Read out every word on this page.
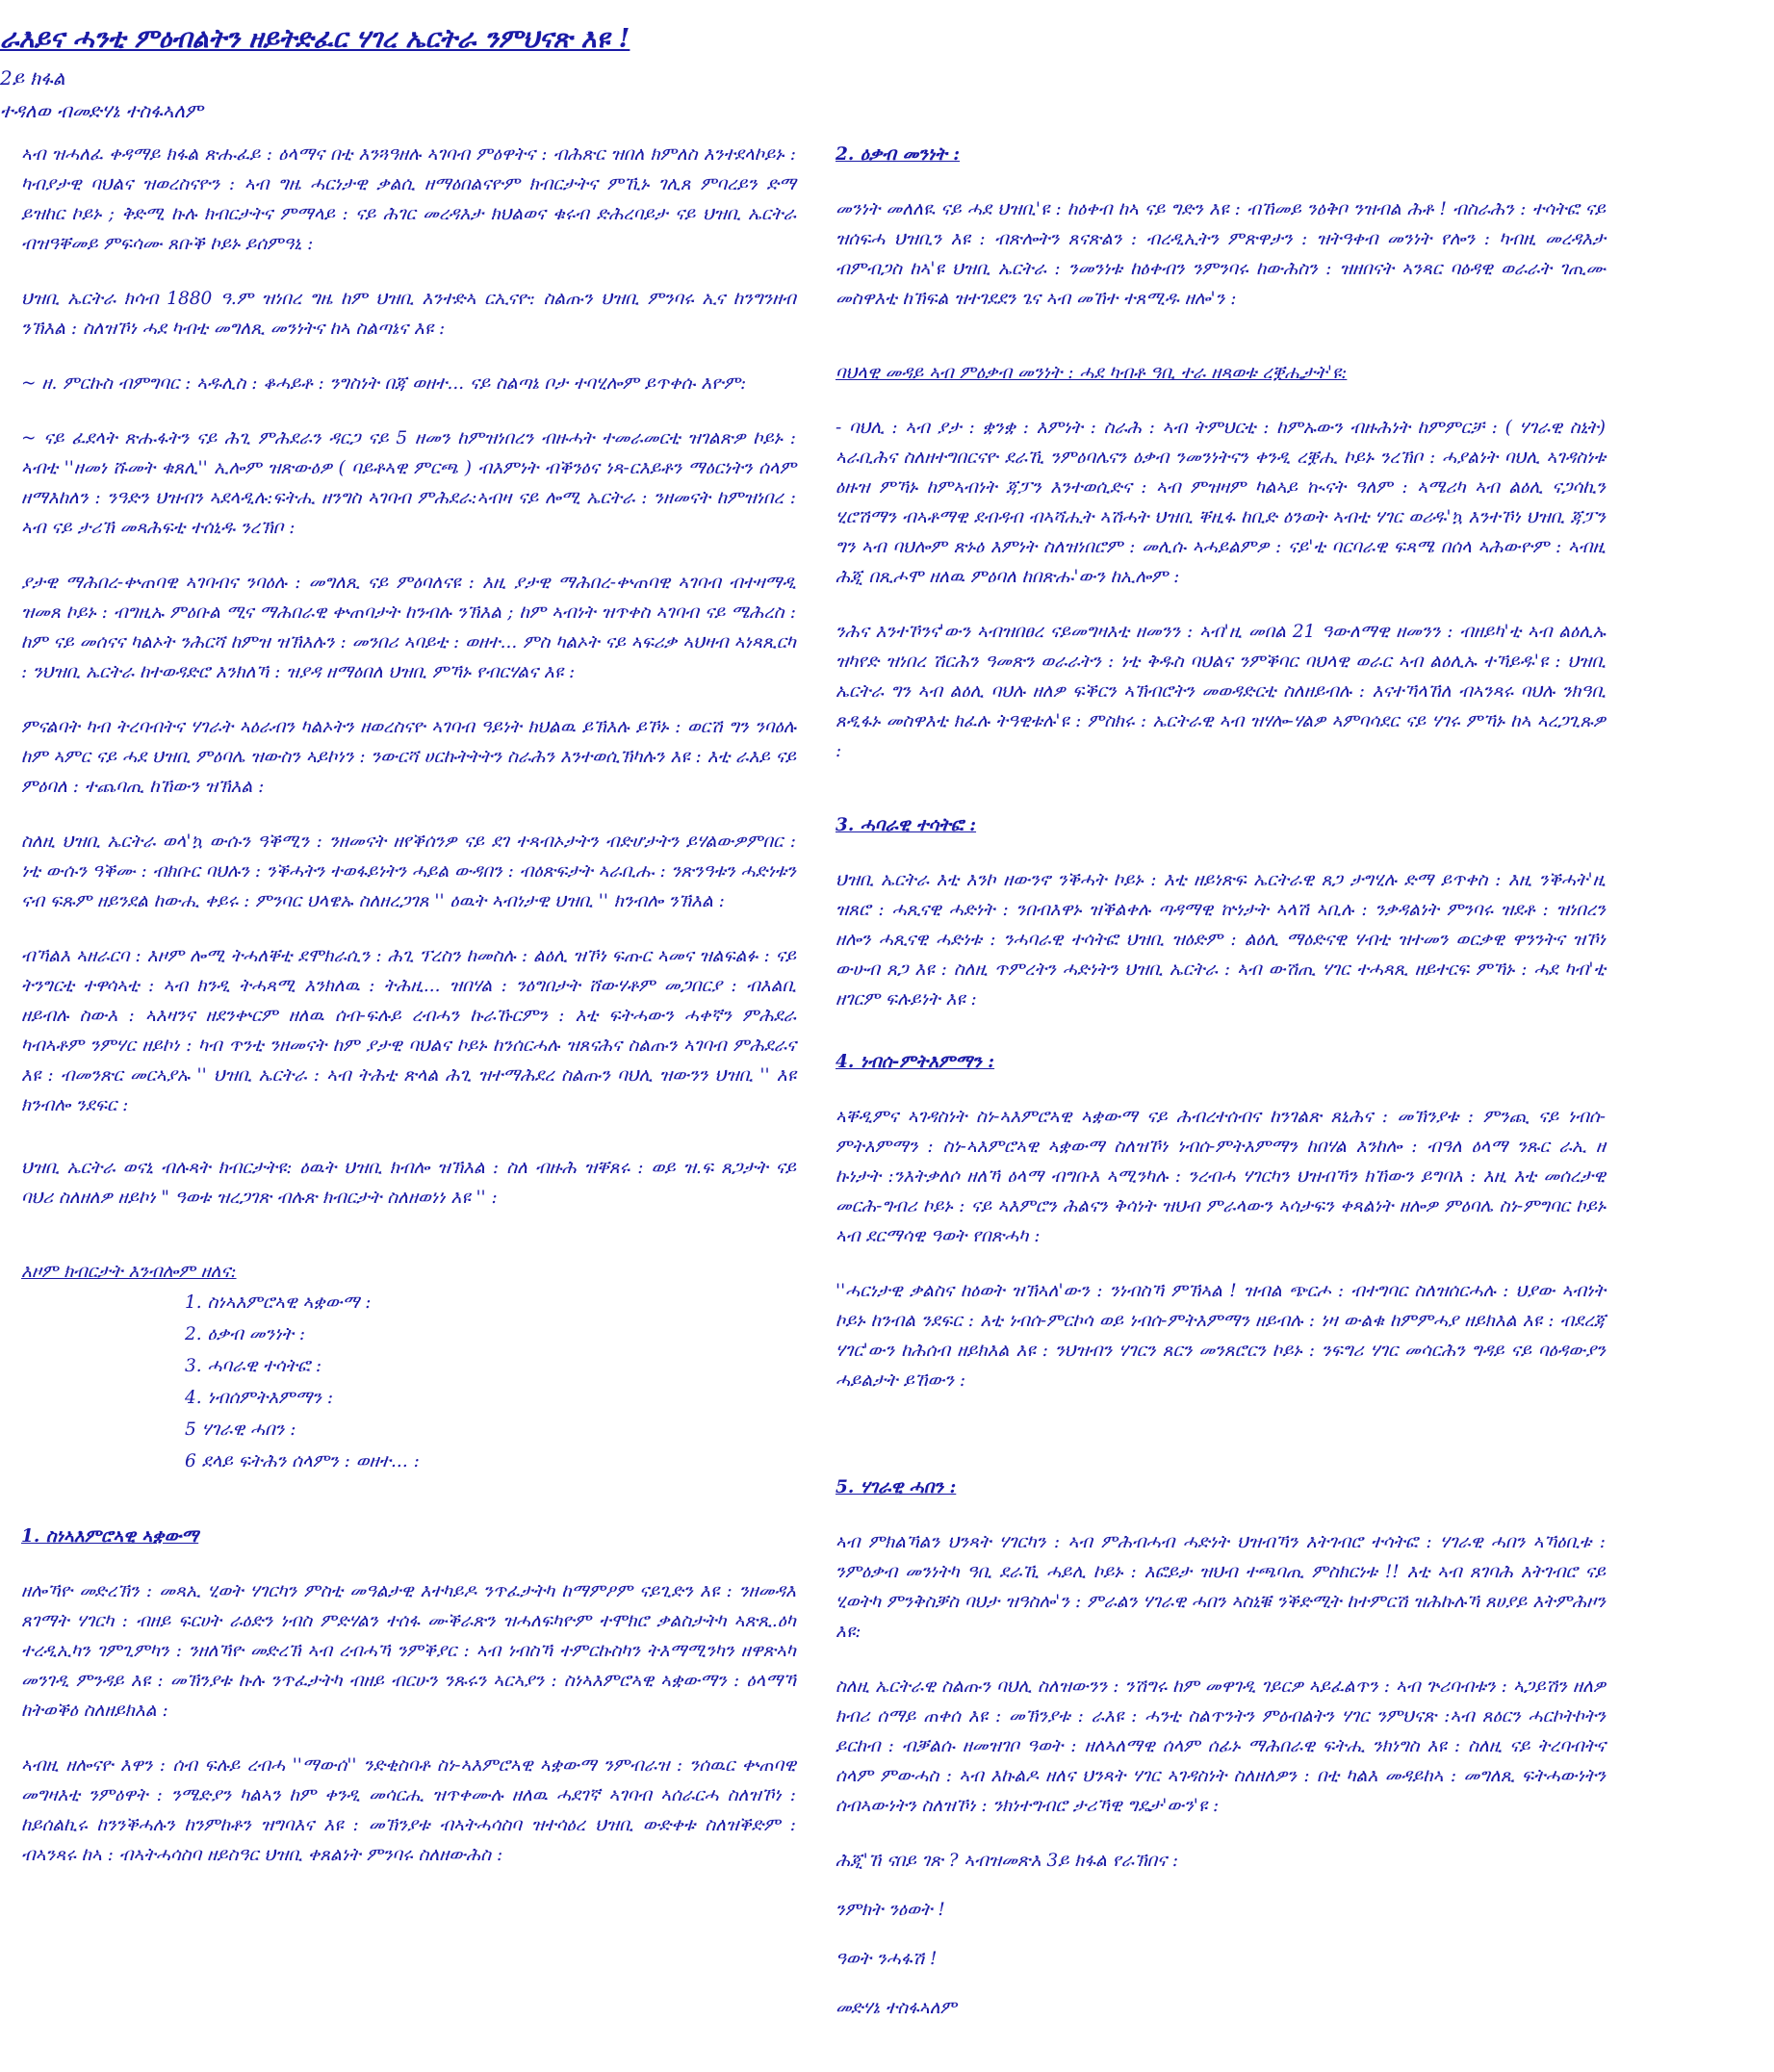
ራእይና ሓንቲ ምዕብልትን ዘይትድፈር ሃገረ ኤርትራ ንምህናጽ እዩ !

2ይ ክፋል

ተዳለወ ብመድሃኔ ተስፋኣለም

ኣብ ዝሓለፈ ቀዳማይ ክፋል ጽሑፈይ : ዕላማና በቲ እንጓዓዘሉ ኣገባብ ምዕዋትና : ብሕጽር ዝበለ ክምለስ እንተደላኮይኑ : ካብያታዊ ባህልና ዝወረስናዮን : ኣብ ግዜ ሓርነታዊ ቃልሲ ዘማዕበልናዮም ክብርታትና ምኺኑ ገሊጸ ምባረይን ድማ ይዝከር ኮይኑ ; ቅድሚ ኩሉ ክብርታትና ምማላይ : ናይ ሕገር መረዳእታ ክህልወና ቁሩብ ድሕረባይታ ናይ ህዝቢ ኤርትራ ብዝዓቐመይ ምፍሳሙ ጸቡቕ ኮይኑ ይሰምዓኒ :

ህዝቢ ኤርትራ ክሳብ 1880 ዓ.ም ዝነበረ ግዜ ከም ህዝቢ እንተድኣ ርኢናዮ: ስልጡን ህዝቢ ምንባሩ ኢና ከንግንዘብ ንኽእል : ስለዝኾነ ሓደ ካብቲ መግለጺ መንነትና ከኣ ስልጣኔና እዩ :

~ ዘ. ምርኩስ ብምግባር : ኣዱሊስ : ቆሓይቶ : ንግስነት በጃ ወዘተ... ናይ ስልጣኔ ቦታ ተባሂሎም ይጥቀሱ እዮም:

~ ናይ ፈደላት ጽሑፋትን ናይ ሕጊ ምሕደራን ዳርጋ ናይ 5 ዘመን ከምዝነበረን ብዙሓት ተመራመርቲ ዝገልጽዎ ኮይኑ : ኣብቲ ''ዘመነ ሹመት ቁጸሊ'' ኢሎም ዝጽውዕዎ ( ባይቶኣዊ ምርጫ ) ብእምነት ብቕንዕና ነጻ-ርእይቶን ማዕርነትን ሰላም ዘማእከለን : ንዓድን ህዝብን ኣደላዲሉ:ፍትሒ ዘንግስ ኣገባብ ምሕደራ:ኣብዛ ናይ ሎሚ ኤርትራ : ንዘመናት ከምዝነበረ : ኣብ ናይ ታሪኽ መጻሕፍቲ ተሰኒዱ ንረኽቦ :

ያታዊ ማሕበረ-ቍጠባዊ ኣገባብና ንባዕሉ : መግለጺ ናይ ምዕባለናዩ : እዚ ያታዊ ማሕበረ-ቍጠባዊ ኣገባብ ብተዛማዲ ዝመጸ ኮይኑ : ብግዚኡ ምዕቡል ሚና ማሕበራዊ ቍጠባታት ከንብሉ ንኽእል ; ከም ኣብነት ዝጥቀስ ኣገባብ ናይ ሜሕረስ : ከም ናይ መሰናና ካልኦት ንሕርሻ ከምዝ ዝኽእሉን : መንበሪ ኣባይቲ : ወዘተ... ምስ ካልኦት ናይ ኣፍሪቃ ኣህዛብ ኣነጻጺርካ : ንህዝቢ ኤርትራ ከተወዳድሮ እንክለኻ : ዝያዳ ዘማዕበለ ህዝቢ ምኻኑ የብርሃልና እዩ :

ምናልባት ካብ ትረባብትና ሃገራት ኣዕራብን ካልኦትን ዘወረስናዮ ኣገባብ ዓይነት ክህልዉ ይኽእሉ ይኾኑ : ወርሽ ግን ንባዕሉ ከም ኣምር ናይ ሓደ ህዝቢ ምዕባሌ ዝውስን ኣይኮነን : ንውርሻ ሀርኩትትትን ስራሕን እንተወሲኽካሉን እዩ : እቲ ራእይ ናይ ምዕባለ : ተጨባጢ ከኸውን ዝኽእል :

ስለዚ ህዝቢ ኤርትራ ወላ'ኳ ውሱን ዓቕሚን : ንዘመናት ዘየቕሰንዎ ናይ ደገ ተጻብኦታትን ብድሆታትን ይሃልውዎምበር : ነቲ ውሱን ዓቕሙ : ብክቡር ባህሉን : ንቕሓትን ተወፋይነትን ሓይል ውዳበን : ብዕጽፍታት ኣራቢሑ : ንጽንዓቱን ሓድነቱን ናብ ፍጹም ዘይንደል ከውሒ ቀይሩ : ምንባር ህላዌኡ ስለዘረጋገጸ '' ዕዉት ኣብነታዊ ህዝቢ '' ክንብሎ ንኽእል :

ብኻልእ ኣዘራርባ : እዞም ሎሚ ትሓለቐቲ ደሞክራሲን : ሕጊ ፕረስን ከመስሉ : ልዕሊ ዝኾነ ፍጡር ኣመና ዝልፍልፉ : ናይ ትንግርቲ ተዋሳኣቲ : ኣብ ክንዲ ትሓጻሚ እንክለዉ : ትሕዚ... ዝበሃል : ንዕግበታት ሸውሃቶም መጋበርያ : ብእልቢ ዘይብሉ ስውእ : ኣእዛንና ዘደንቍርም ዘለዉ ሰብ-ፍሉይ ረብሓን ኩራኹርምን : እቲ ፍትሓውን ሓቀኛን ምሕደራ ካብኣቶም ንምሃር ዘይኮነ : ካብ ጥንቲ ንዘመናት ከም ያታዊ ባህልና ኮይኑ ከንሰርሓሉ ዝጸናሕና ስልጡን ኣገባብ ምሕደራና እዩ : ብመንጽር መርኣያኡ '' ህዝቢ ኤርትራ : ኣብ ትሕቲ ጽላል ሕጊ ዝተማሕደረ ስልጡን ባህሊ ዝውንን ህዝቢ '' እዩ ክንብሎ ንደፍር :

ህዝቢ ኤርትራ ወናኒ ብሉጻት ክብርታትዩ: ዕዉት ህዝቢ ክብሎ ዝኽእል : ስለ ብዙሕ ዝቐጸሩ : ወይ ዝ.ፍ ጸጋታት ናይ ባህሪ ስለዘለዎ ዘይኮነ " ዓወቱ ዝረጋገጽ ብሉጽ ክብርታት ስለዘወነነ እዩ '' :

እዞም ክብርታት እንብሎም ዘለና:

1. ስነኣእምሮኣዊ ኣቋውማ :
2. ዕቃብ መንነት :
3. ሓባራዊ ተሳትፎ :
4. ነብሰምትእምማን :
5 ሃገራዊ ሓበን :
6 ደላይ ፍትሕን ሰላምን : ወዘተ... :

1. ስነኣእምሮኣዊ ኣቋውማ

ዘሎኻዮ መድረኽን : መጻኢ ሂወት ሃገርካን ምስቲ መዓልታዊ እተካይዶ ንጥፈታትካ ከማምዖም ናይጊድን እዩ : ንዘመዳእ ጸገማት ሃገርካ : ብዘይ ፍርሀት ራዕድን ነብስ ምድሃልን ተሰፋ ሙቕራጽን ዝሓለፍካዮም ተሞክሮ ቃልስታትካ ኣጽጺ.ዕካ ተረዲኢካን ገምጊምካን : ንዘለኻዮ መድረኽ ኣብ ረብሓኻ ንምቕያር : ኣብ ነብስኻ ተምርኩስካን ትእማሚንካን ዘዋጽኣካ መንገዲ ምንዳይ እዩ : መኽንያቱ ኩሉ ንጥፈታትካ ብዘይ ብርሁን ንጹሩን ኣርኣያን : ስነኣእምሮኣዊ ኣቋውማን : ዕላማኻ ከትወቕዕ ስለዘይክእል :

ኣብዚ ዘሎናዮ እዋን : ሰብ ፍሉይ ረብሓ ''ማውሰ'' ንድቂስባቶ ስነ-ኣእምሮኣዊ ኣቋውማ ንምብራዝ : ንሰዉር ቍጠባዊ መግዛእቲ ንምዕዋት : ንሜድያን ካልኣን ከም ቀንዲ መሳርሒ ዝጥቀሙሉ ዘለዉ ሓደገኛ ኣገባብ ኣሰራርሓ ስለዝኾነ : ከይሰልኪሩ ከንንቕሓሉን ከንምከቶን ዝግባእና እዩ : መኽንያቱ ብኣትሓሳስባ ዝተሳዕረ ህዝቢ ውድቀቱ ስለዝቕድም : ብኣንጻሩ ከኣ : ብኣትሓሳስባ ዘይስዓር ህዝቢ ቀጸልነት ምንባሩ ስለዘውሕስ :

2. ዕቃብ መንነት :

መንነት መለለዪ ናይ ሓደ ህዝቢ'ዩ : ከዕቀብ ከኣ ናይ ግድን እዩ : ብኸመይ ንዕቅቦ ንዝብል ሕቶ ! ብስራሕን : ተሳትፎ ናይ ዝሰፍሓ ህዝቢን እዩ : ብጽሎትን ጸናጽልን : ብረዲኢትን ምጽዋታን : ዝትዓቀብ መንነት የሎን : ካብዚ መረዳእታ ብምብጋስ ከኣ'ዩ ህዝቢ ኤርትራ : ንመንነቱ ከዕቀብን ንምንባሩ ከውሕስን : ዝዘበናት ኣንጻር ባዕዳዊ ወራራት ገጢሙ መስዋእቲ ከኽፍል ዝተገደደን ጌና ኣብ መኸተ ተጸሚዱ ዘሎ'ን :

ባህላዊ መዳይ ኣብ ምዕቃብ መንነት : ሓደ ካብቶ ዓቢ ተራ ዘጻወቱ ረቛሒታት'ዩ:

- ባህሊ : ኣብ ያታ : ቋንቋ : እምነት : ስራሕ : ኣብ ትምህርቲ : ከምኡውን ብዙሕነት ከምምርቻ : ( ሃገራዊ ስኒት) ኣራቢሕና ስለዘተግበርናዮ ደራኺ ንምዕባሌናን ዕቃብ ንመንነትናን ቀንዲ ረቛሒ ኮይኑ ንረኽቦ : ሓያልነት ባህሊ ኣገዳስነቱ ዕዙዝ ምኻኑ ከምኣብነት ጃፓን እንተወሲድና : ኣብ ምዝዛም ካልኣይ ኲናት ዓለም : ኣሜሪካ ኣብ ልዕሊ ናጋሳኪን ሂሮሽማን ብኣቶማዊ ደብዳብ ብኣሻሒት ኣሽሓት ህዝቢ ቐዚፋ ከቢድ ዕንወት ኣብቲ ሃገር ወሪዱ'ኳ እንተኾነ ህዝቢ ጃፓን ግን ኣብ ባህሎም ጽኑዕ እምነት ስለዝነበሮም : መሊሱ ኣሓይልምዎ : ናይ'ቲ ባርባራዊ ፍጻሜ በሰላ ኣሕውዮም : ኣብዚ ሕጂ በጺሖሞ ዘለዉ ምዕባለ ከበጽሑ'ውን ከኢሎም :

ንሕና እንተኾንና'ውን ኣብዝበፀረ ናይመግዛእቲ ዘመንን : ኣብ'ዚ መበል 21 ዓውለማዊ ዘመንን : ብዘይካ'ቲ ኣብ ልዕሊኡ ዝካየድ ዝነበረ ሽርሕን ዓመጽን ወራራትን : ነቲ ቅዱስ ባህልና ንምቕባር ባህላዊ ወራር ኣብ ልዕሊኡ ተኻይዱ'ዩ : ህዝቢ ኤርትራ ግን ኣብ ልዕሊ ባህሉ ዘለዎ ፍቕርን ኣኽብሮትን መወዳድርቲ ስለዘይብሉ : እናተኻላኸለ ብኣንጻሩ ባህሉ ንክዓቢ ጸዲፋኑ መስዋእቲ ክፈሉ ትዓዊቱሉ'ዩ : ምስክሩ : ኤርትራዊ ኣብ ዝሃሎ-ሃልዎ ኣምባሳደር ናይ ሃገሩ ምኻኑ ከኣ ኣረጋጊጹዎ :

3. ሓባራዊ ተሳትፎ :

ህዝቢ ኤርትራ እቲ እንኮ ዘውንኖ ንቕሓት ኮይኑ : እቲ ዘይነጽፍ ኤርትራዊ ጸጋ ታግሂሉ ድማ ይጥቀስ : እዚ ንቕሓት'ዚ ዝጸሮ : ሓጺናዊ ሓድነት : ንበብእዋኑ ዝቕልቀሉ ጣዳማዊ ኵነታት ኣላሽ ኣቢሉ : ንቃዳልነት ምንባሩ ዝደቶ : ዝነበረን ዘሎን ሓጺናዊ ሓድነቱ : ንሓባራዊ ተሳትፎ ህዝቢ ዝዕድም : ልዕሊ ማዕድናዊ ሃብቲ ዝተመን ወርቃዊ ዋንንትና ዝኾነ ውሁብ ጸጋ እዩ : ስለዚ ጥምረትን ሓድነትን ህዝቢ ኤርትራ : ኣብ ውሽጢ ሃገር ተሓጻጺ ዘይተርፍ ምኻኑ : ሓደ ካብ'ቲ ዘገርም ፍሉይነት እዩ :

4. ነብሰ-ምትእምማን :

ኣቐዲምና ኣገዳስነት ስነ-ኣእምሮኣዊ ኣቋውማ ናይ ሕብረተሰብና ከንገልጽ ጸኒሕና : መኽንያቱ : ምንጪ ናይ ነብሰ-ምትእምማን : ስነ-ኣእምሮኣዊ ኣቋውማ ስለዝኾነ ነብሰ-ምትእምማን ከበሃል እንከሎ : ብዓለ ዕላማ ንጹር ራኢ ዘ ኩነታት :ንእትቃለሶ ዘለኻ ዕላማ ብግቡእ ኣሚንካሉ : ንረብሓ ሃገርካን ህዝብኻን ክኸውን ይግባእ : እዚ እቲ መሰረታዊ መርሕ-ግብሪ ኮይኑ : ናይ ኣእምሮን ሕልናን ቅሳነት ዝህብ ምራላውን ኣሳታፍን ቀጻልነት ዘሎዎ ምዕባሌ ስነ-ምግባር ኮይኑ ኣብ ደርማሳዊ ዓወት የበጽሓካ :

''ሓርነታዊ ቃልስና ከዕወት ዝኽኣለ'ውን : ንነብስኻ ምኽኣል ! ዝብል ጭርሖ : ብተግባር ስለዝሰርሓሉ : ህያው ኣብነት ኮይኑ ከንብል ንደፍር : እቲ ነብሰ-ምርኮሳ ወይ ነብሰ-ምትእምማን ዘይብሉ : ነዛ ውልቁ ከምምሓያ ዘይክእል እዩ : ብደረጃ ሃገር'ውን ከሕሰብ ዘይክእል እዩ : ንህዝብን ሃገርን ጸርን መንጸሮርን ኮይኑ : ንፍግሪ ሃገር መሳርሕን ግዳይ ናይ ባዕዳውያን ሓይልታት ይኸውን :

5. ሃገራዊ ሓበን :

ኣብ ምክልኻልን ህንጻት ሃገርካን : ኣብ ምሕብሓብ ሓድነት ህዝብኻን እትገብሮ ተሳትፎ : ሃገራዊ ሓበን ኣኻዕቢቱ : ንምዕቃብ መንነትካ ዓቢ ደራኺ ሓይሊ ኮይኑ : እፎይታ ዝህብ ተጫባጢ ምስክርነቱ !! እቲ ኣብ ጸገባሕ እትገብሮ ናይ ሂወትካ ምንቅስቓስ ባህታ ዝዓስሎ'ን : ምራልን ሃገራዊ ሓበን ኣስኒቑ ንቕድሚት ከተምርሽ ዝሕኩሉኻ ጸሀያይ እትምሕዞን እዩ:

ስለዚ ኤርትራዊ ስልጡን ባህሊ ስለዝውንን : ንሽግሩ ከም መዋገዲ ገይርዎ ኣይፈልጥን : ኣብ ጕሪባብቱን : ኣጋይሽን ዘለዎ ክብሪ ሰማይ ጠቀሰ እዩ : መኽንያቱ : ራእዩ : ሓንቲ ስልጥንትን ምዕብልትን ሃገር ንምህናጽ :ኣብ ጸዕርን ሓርኮትኮትን ይርከብ : ብቓልሱ ዘመዝገቦ ዓወት : ዘለኣለማዊ ሰላም ሰፊኑ ማሕበራዊ ፍትሒ ንክነግስ እዩ : ስለዚ ናይ ትረባብትና ሰላም ምውሓስ : ኣብ እኩልዶ ዘለና ህንጻት ሃገር ኣገዳስነት ስለዘለዎን : በቲ ካልእ መዳይከኣ : መግለጺ ፍትሓውነትን ሰብኣውነትን ስለዝኾነ : ንክነተግብሮ ታሪኻዊ ግዴታ'ውን'ዩ :

ሕጂ'ኸ ናበይ ገጽ ? ኣብዝመጽእ 3ይ ክፋል የራኽበና :

ንምክት ንዕወት !

ዓወት ንሓፋሽ !

መድሃኔ ተስፋኣለም
